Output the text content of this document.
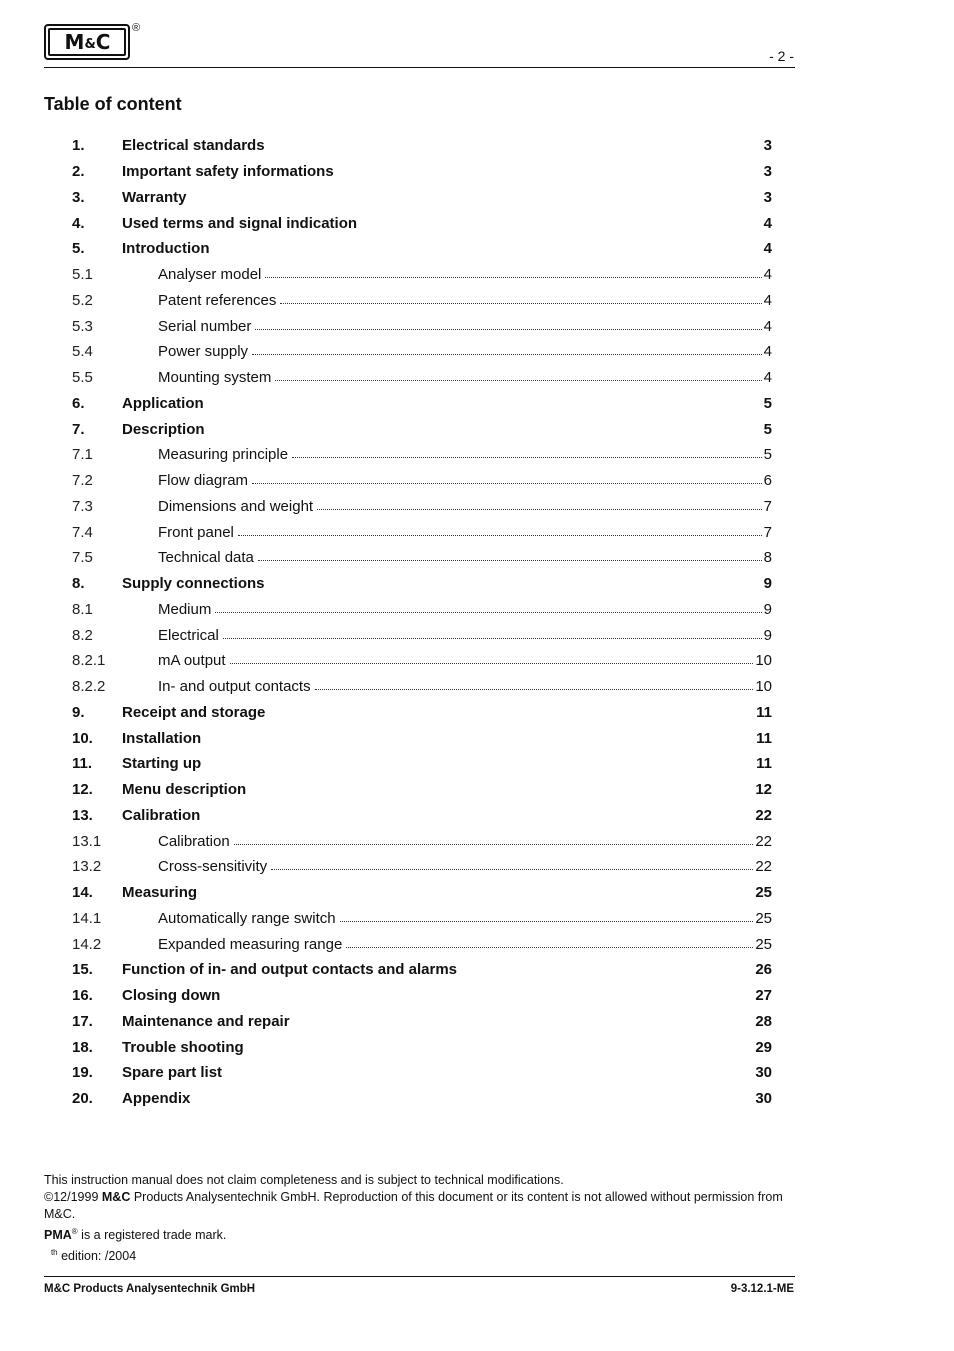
M & C
®
- 2 -
Table of content
1.	Electrical standards	3
2.	Important safety informations	3
3.	Warranty	3
4.	Used terms and signal indication	4
5.	Introduction	4
5.1	Analyser model	4
5.2	Patent references	4
5.3	Serial number	4
5.4	Power supply	4
5.5	Mounting system	4
6.	Application	5
7.	Description	5
7.1	Measuring principle	5
7.2	Flow diagram	6
7.3	Dimensions and weight	7
7.4	Front panel	7
7.5	Technical data	8
8.	Supply connections	9
8.1	Medium	9
8.2	Electrical	9
8.2.1	mA output	10
8.2.2	In- and output contacts	10
9.	Receipt and storage	11
10.	Installation	11
11.	Starting up	11
12.	Menu description	12
13.	Calibration	22
13.1	Calibration	22
13.2	Cross-sensitivity	22
14.	Measuring	25
14.1	Automatically range switch	25
14.2	Expanded measuring range	25
15.	Function of in- and output contacts and alarms	26
16.	Closing down	27
17.	Maintenance and repair	28
18.	Trouble shooting	29
19.	Spare part list	30
20.	Appendix	30

This instruction manual does not claim completeness and is subject to technical modifications.

©12/1999 M&C Products Analysentechnik GmbH. Reproduction of this document or its content is not allowed without permission from M&C.

PMA® is a registered trade mark.

$^{th}$ edition: /2004

M&C Products Analysentechnik GmbH	9-3.12.1-ME
